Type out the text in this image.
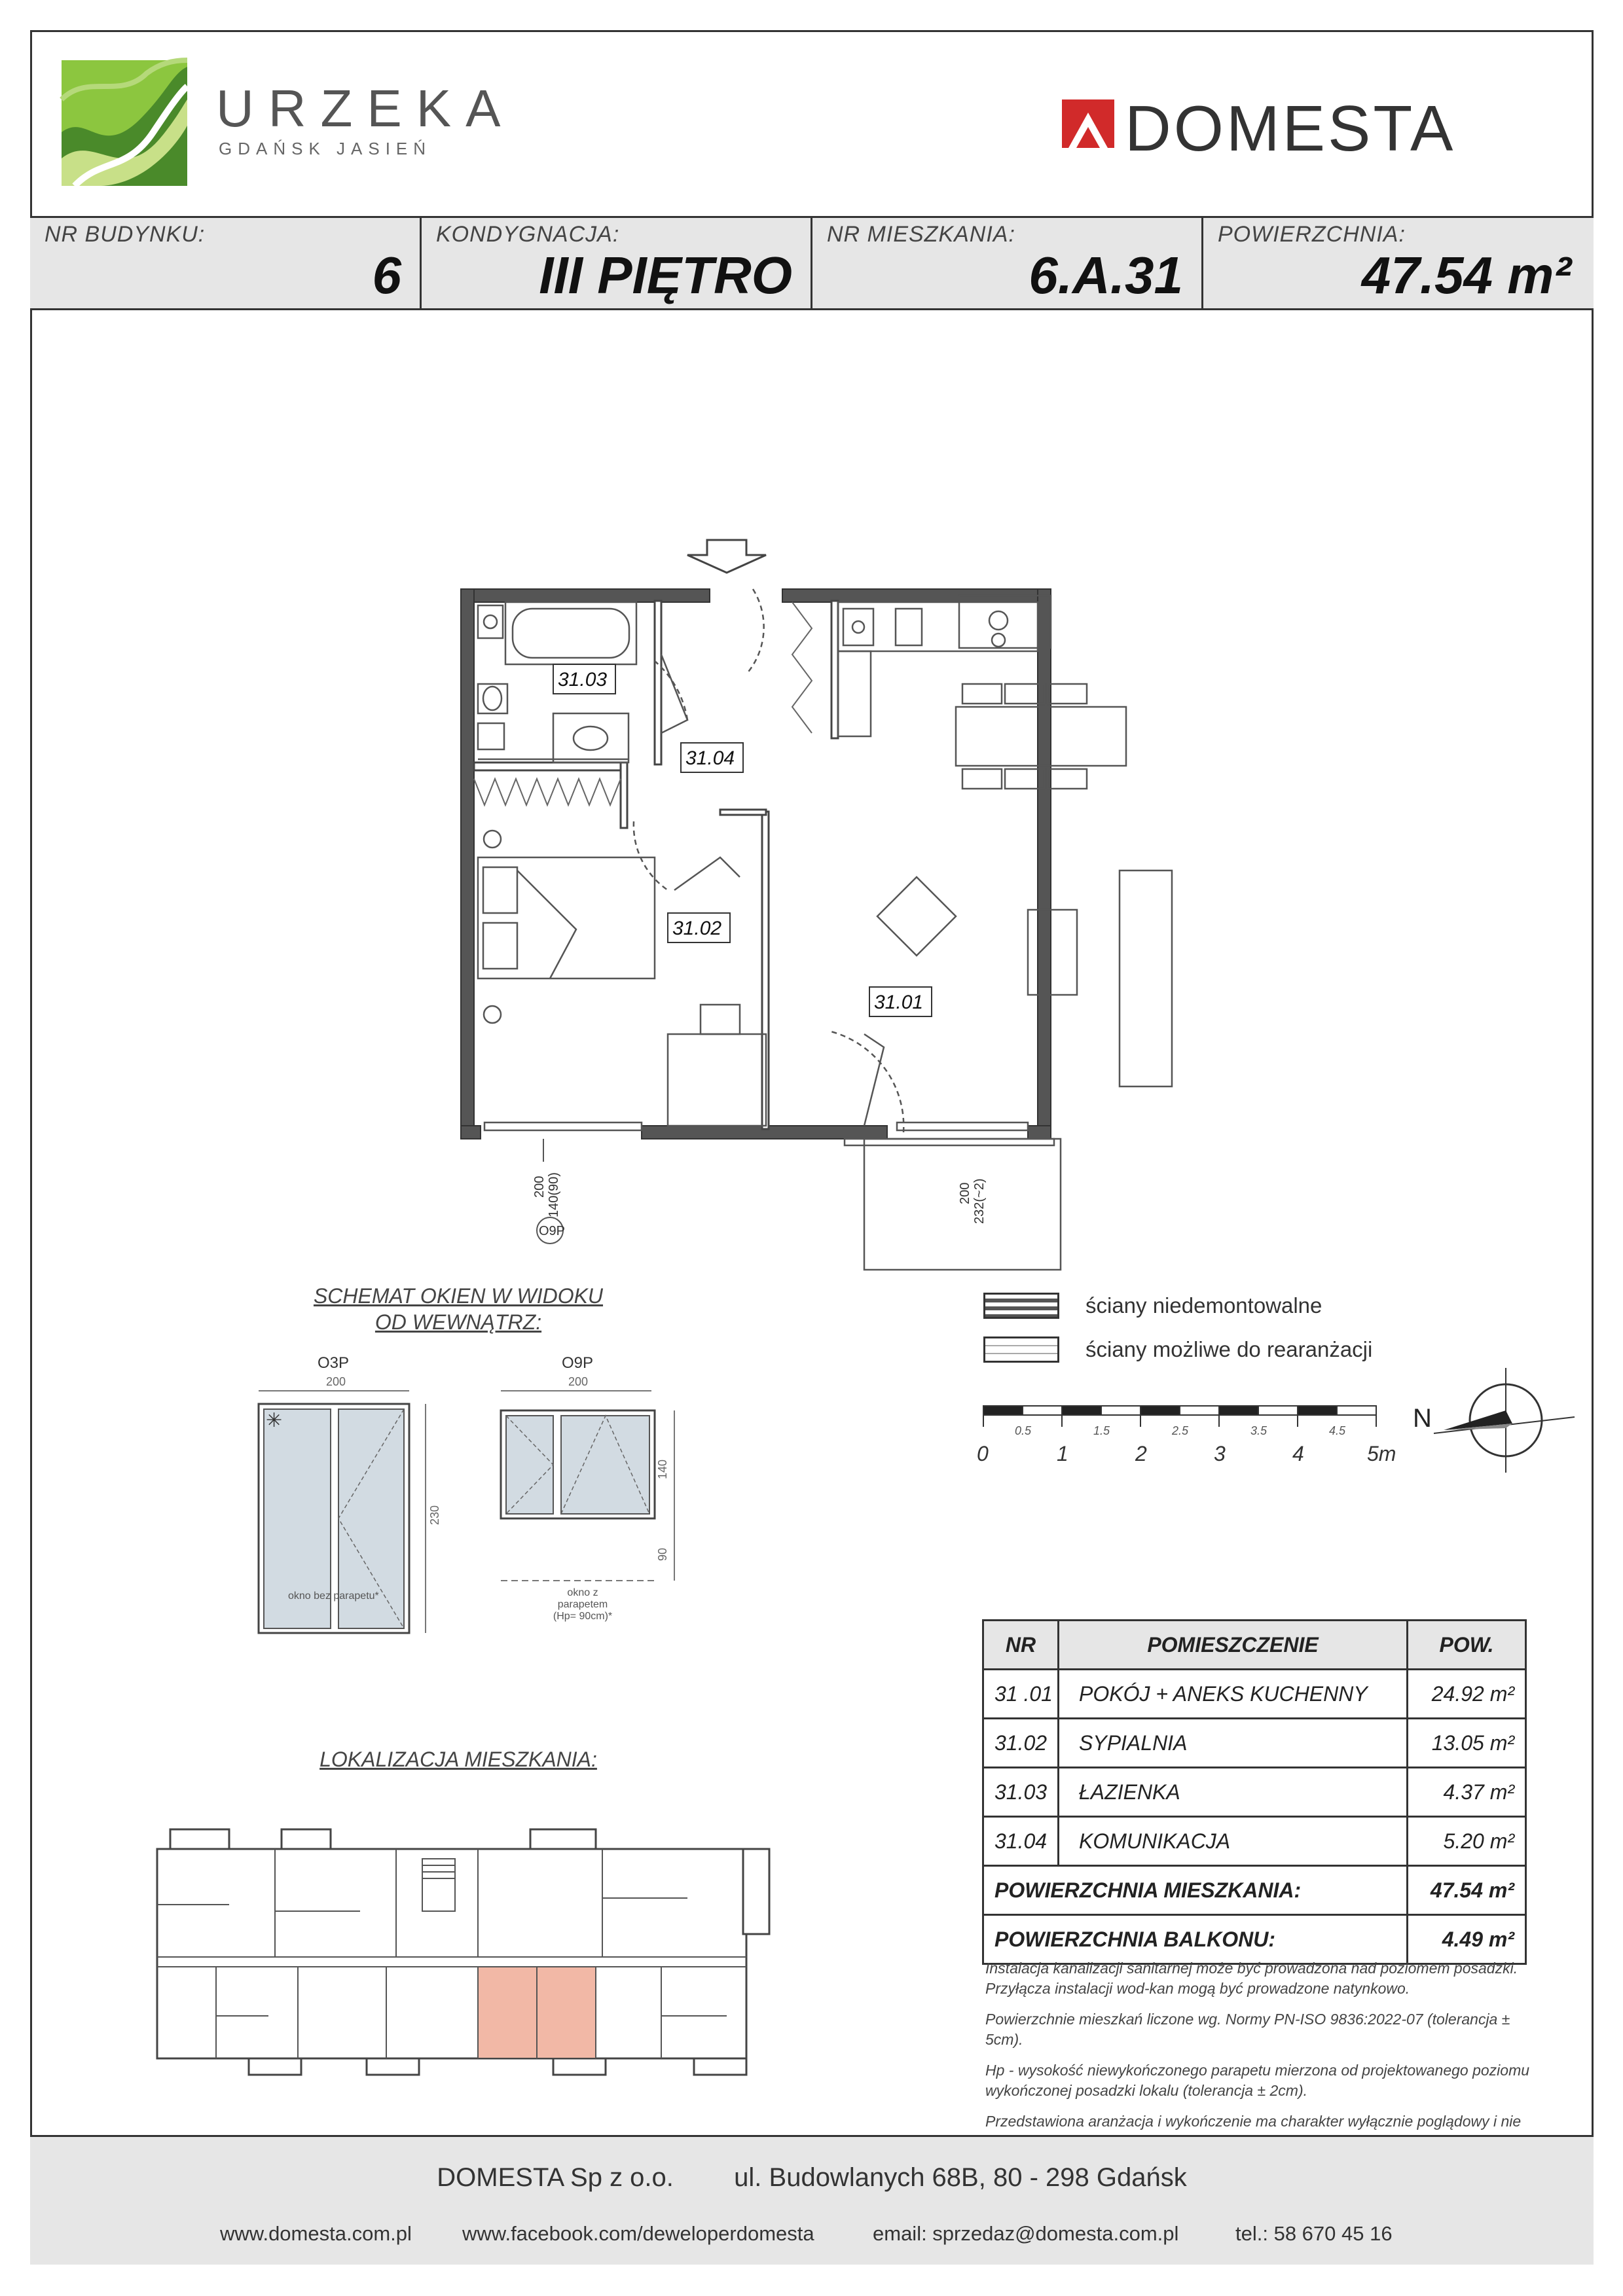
URZEKA
GDAŃSK JASIEŃ	DOMESTA
NR BUDYNKU:
6
KONDYGNACJA:
III PIĘTRO
NR MIESZKANIA:
6.A.31
POWIERZCHNIA:
47.54 m²
31.03
31.04
31.02
31.01
200 140(90)
O9P
200 232(~2)
SCHEMAT OKIEN W WIDOKU
OD WEWNĄTRZ:
O3P
200
✳
230
okno bez parapetu*
O9P
200
140
90
okno z parapetem
(Hp= 90cm)*
ściany niedemontowalne
ściany możliwe do rearanżacji
0.5	1.5	2.5	3.5	4.5
0	1	2	3	4	5m
N
LOKALIZACJA MIESZKANIA:
NR	POMIESZCZENIE	POW.
31 .01	POKÓJ + ANEKS KUCHENNY	24.92 m²
31.02	SYPIALNIA	13.05 m²
31.03	ŁAZIENKA	4.37 m²
31.04	KOMUNIKACJA	5.20 m²
POWIERZCHNIA MIESZKANIA:		47.54 m²
POWIERZCHNIA BALKONU:		4.49 m²

Instalacja kanalizacji sanitarnej może być prowadzona nad poziomem posadzki. Przyłącza instalacji wod-kan mogą być prowadzone natynkowo.

Powierzchnie mieszkań liczone wg. Normy PN-ISO 9836:2022-07 (tolerancja ± 5cm).

Hp - wysokość niewykończonego parapetu mierzona od projektowanego poziomu wykończonej posadzki lokalu (tolerancja ± 2cm).

Przedstawiona aranżacja i wykończenie ma charakter wyłącznie poglądowy i nie

DOMESTA Sp z o.o. ul. Budowlanych 68B, 80 - 298 Gdańsk
www.domesta.com.pl www.facebook.com/deweloperdomesta	email: sprzedaz@domesta.com.pl	tel.: 58 670 45 16
